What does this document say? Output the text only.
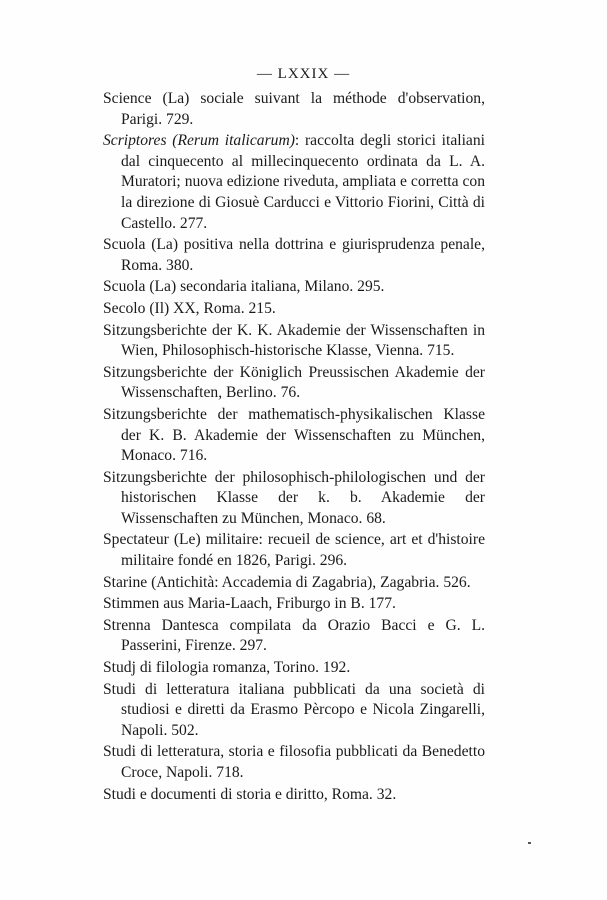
— LXXIX —

Science (La) sociale suivant la méthode d'observation, Parigi. 729.

Scriptores (Rerum italicarum): raccolta degli storici italiani dal cinquecento al millecinquecento ordinata da L. A. Muratori; nuova edizione riveduta, ampliata e corretta con la direzione di Giosuè Carducci e Vittorio Fiorini, Città di Castello. 277.

Scuola (La) positiva nella dottrina e giurisprudenza penale, Roma. 380.

Scuola (La) secondaria italiana, Milano. 295.

Secolo (Il) XX, Roma. 215.

Sitzungsberichte der K. K. Akademie der Wissenschaften in Wien, Philosophisch-historische Klasse, Vienna. 715.

Sitzungsberichte der Königlich Preussischen Akademie der Wissenschaften, Berlino. 76.

Sitzungsberichte der mathematisch-physikalischen Klasse der K. B. Akademie der Wissenschaften zu München, Monaco. 716.

Sitzungsberichte der philosophisch-philologischen und der historischen Klasse der k. b. Akademie der Wissenschaften zu München, Monaco. 68.

Spectateur (Le) militaire: recueil de science, art et d'histoire militaire fondé en 1826, Parigi. 296.

Starine (Antichità: Accademia di Zagabria), Zagabria. 526.

Stimmen aus Maria-Laach, Friburgo in B. 177.

Strenna Dantesca compilata da Orazio Bacci e G. L. Passerini, Firenze. 297.

Studj di filologia romanza, Torino. 192.

Studi di letteratura italiana pubblicati da una società di studiosi e diretti da Erasmo Pèrcopo e Nicola Zingarelli, Napoli. 502.

Studi di letteratura, storia e filosofia pubblicati da Benedetto Croce, Napoli. 718.

Studi e documenti di storia e diritto, Roma. 32.
